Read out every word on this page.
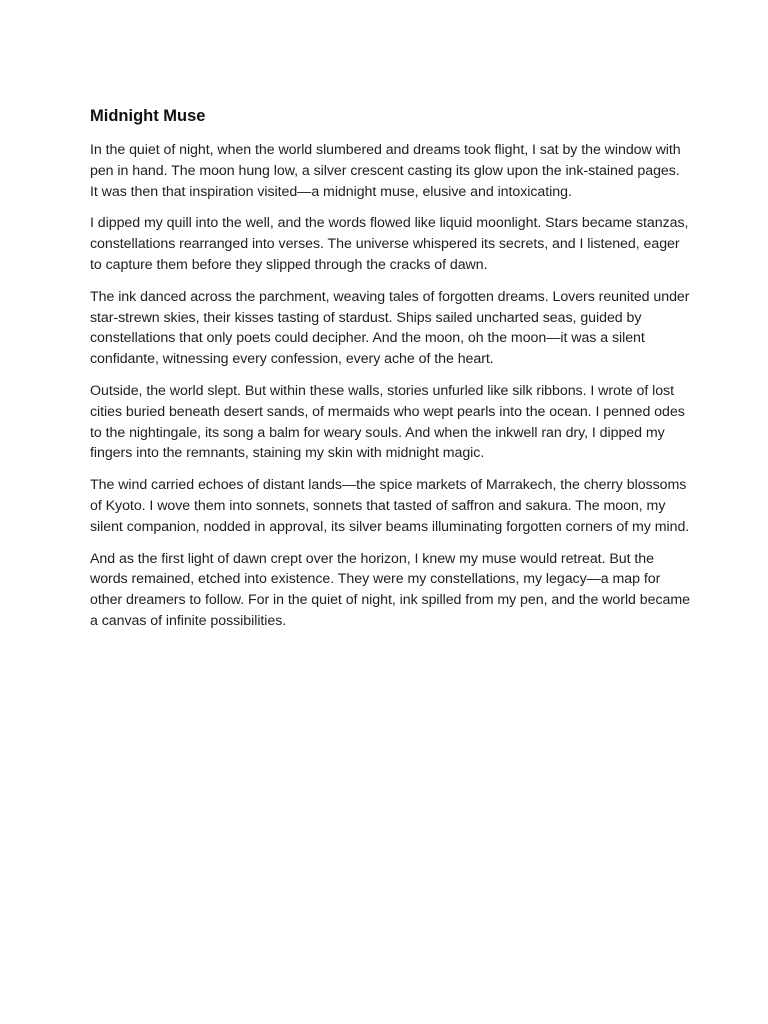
Midnight Muse

In the quiet of night, when the world slumbered and dreams took flight, I sat by the window with pen in hand. The moon hung low, a silver crescent casting its glow upon the ink-stained pages. It was then that inspiration visited—a midnight muse, elusive and intoxicating.

I dipped my quill into the well, and the words flowed like liquid moonlight. Stars became stanzas, constellations rearranged into verses. The universe whispered its secrets, and I listened, eager to capture them before they slipped through the cracks of dawn.

The ink danced across the parchment, weaving tales of forgotten dreams. Lovers reunited under star-strewn skies, their kisses tasting of stardust. Ships sailed uncharted seas, guided by constellations that only poets could decipher. And the moon, oh the moon—it was a silent confidante, witnessing every confession, every ache of the heart.

Outside, the world slept. But within these walls, stories unfurled like silk ribbons. I wrote of lost cities buried beneath desert sands, of mermaids who wept pearls into the ocean. I penned odes to the nightingale, its song a balm for weary souls. And when the inkwell ran dry, I dipped my fingers into the remnants, staining my skin with midnight magic.

The wind carried echoes of distant lands—the spice markets of Marrakech, the cherry blossoms of Kyoto. I wove them into sonnets, sonnets that tasted of saffron and sakura. The moon, my silent companion, nodded in approval, its silver beams illuminating forgotten corners of my mind.

And as the first light of dawn crept over the horizon, I knew my muse would retreat. But the words remained, etched into existence. They were my constellations, my legacy—a map for other dreamers to follow. For in the quiet of night, ink spilled from my pen, and the world became a canvas of infinite possibilities.
